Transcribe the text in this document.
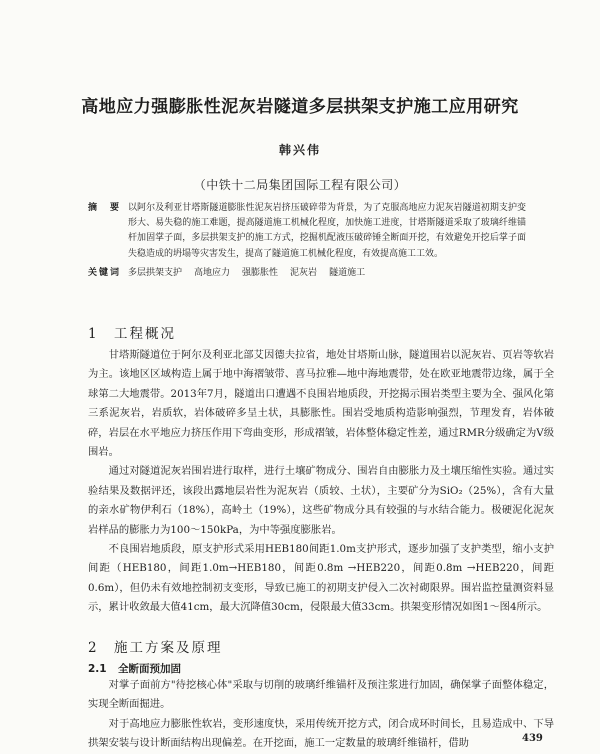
高地应力强膨胀性泥灰岩隧道多层拱架支护施工应用研究
韩兴伟
（中铁十二局集团国际工程有限公司）
摘　要 以阿尔及利亚甘塔斯隧道膨胀性泥灰岩挤压破碎带为背景，为了克服高地应力泥灰岩隧道初期支护变形大、易失稳的施工难题，提高隧道施工机械化程度，加快施工进度，甘塔斯隧道采取了玻璃纤维锚杆加固掌子面，多层拱架支护的施工方式，挖掘机配液压破碎锤全断面开挖，有效避免开挖后掌子面失稳造成的坍塌等灾害发生，提高了隧道施工机械化程度，有效提高施工工效。
关键词 多层拱架支护 高地应力 强膨胀性 泥灰岩 隧道施工
1 工程概况

甘塔斯隧道位于阿尔及利亚北部艾因德夫拉省，地处甘塔斯山脉，隧道围岩以泥灰岩、页岩等软岩为主。该地区区域构造上属于地中海褶皱带、喜马拉雅—地中海地震带，处在欧亚地震带边缘，属于全球第二大地震带。2013年7月，隧道出口遭遇不良围岩地质段，开挖揭示围岩类型主要为全、强风化第三系泥灰岩，岩质软，岩体破碎多呈土状，具膨胀性。围岩受地质构造影响强烈，节理发育，岩体破碎，岩层在水平地应力挤压作用下弯曲变形，形成褶皱，岩体整体稳定性差，通过RMR分级确定为Ⅴ级围岩。

通过对隧道泥灰岩围岩进行取样，进行土壤矿物成分、围岩自由膨胀力及土壤压缩性实验。通过实验结果及数据评还，该段出露地层岩性为泥灰岩（质较、土状），主要矿分为SiO₂（25%），含有大量的亲水矿物伊利石（18%），高岭土（19%），这些矿物成分具有较强的与水结合能力。极硬泥化泥灰岩样品的膨胀力为100～150kPa，为中等强度膨胀岩。

不良围岩地质段，原支护形式采用HEB180间距1.0m支护形式，逐步加强了支护类型，缩小支护间距（HEB180，间距1.0m→HEB180，间距0.8m →HEB220，间距0.8m →HEB220，间距0.6m），但仍未有效地控制初支变形，导致已施工的初期支护侵入二次衬砌限界。围岩监控量测资料显示，累计收敛最大值41cm，最大沉降值30cm，侵限最大值33cm。拱架变形情况如图1～图4所示。

2 施工方案及原理
2.1 全断面预加固

对掌子面前方"待挖核心体"采取与切削的玻璃纤维锚杆及预注浆进行加固，确保掌子面整体稳定，实现全断面掘进。

对于高地应力膨胀性软岩，变形速度快，采用传统开挖方式，闭合成环时间长，且易造成中、下导拱架安装与设计断面结构出现偏差。在开挖面，施工一定数量的玻璃纤维锚杆，借助	439
